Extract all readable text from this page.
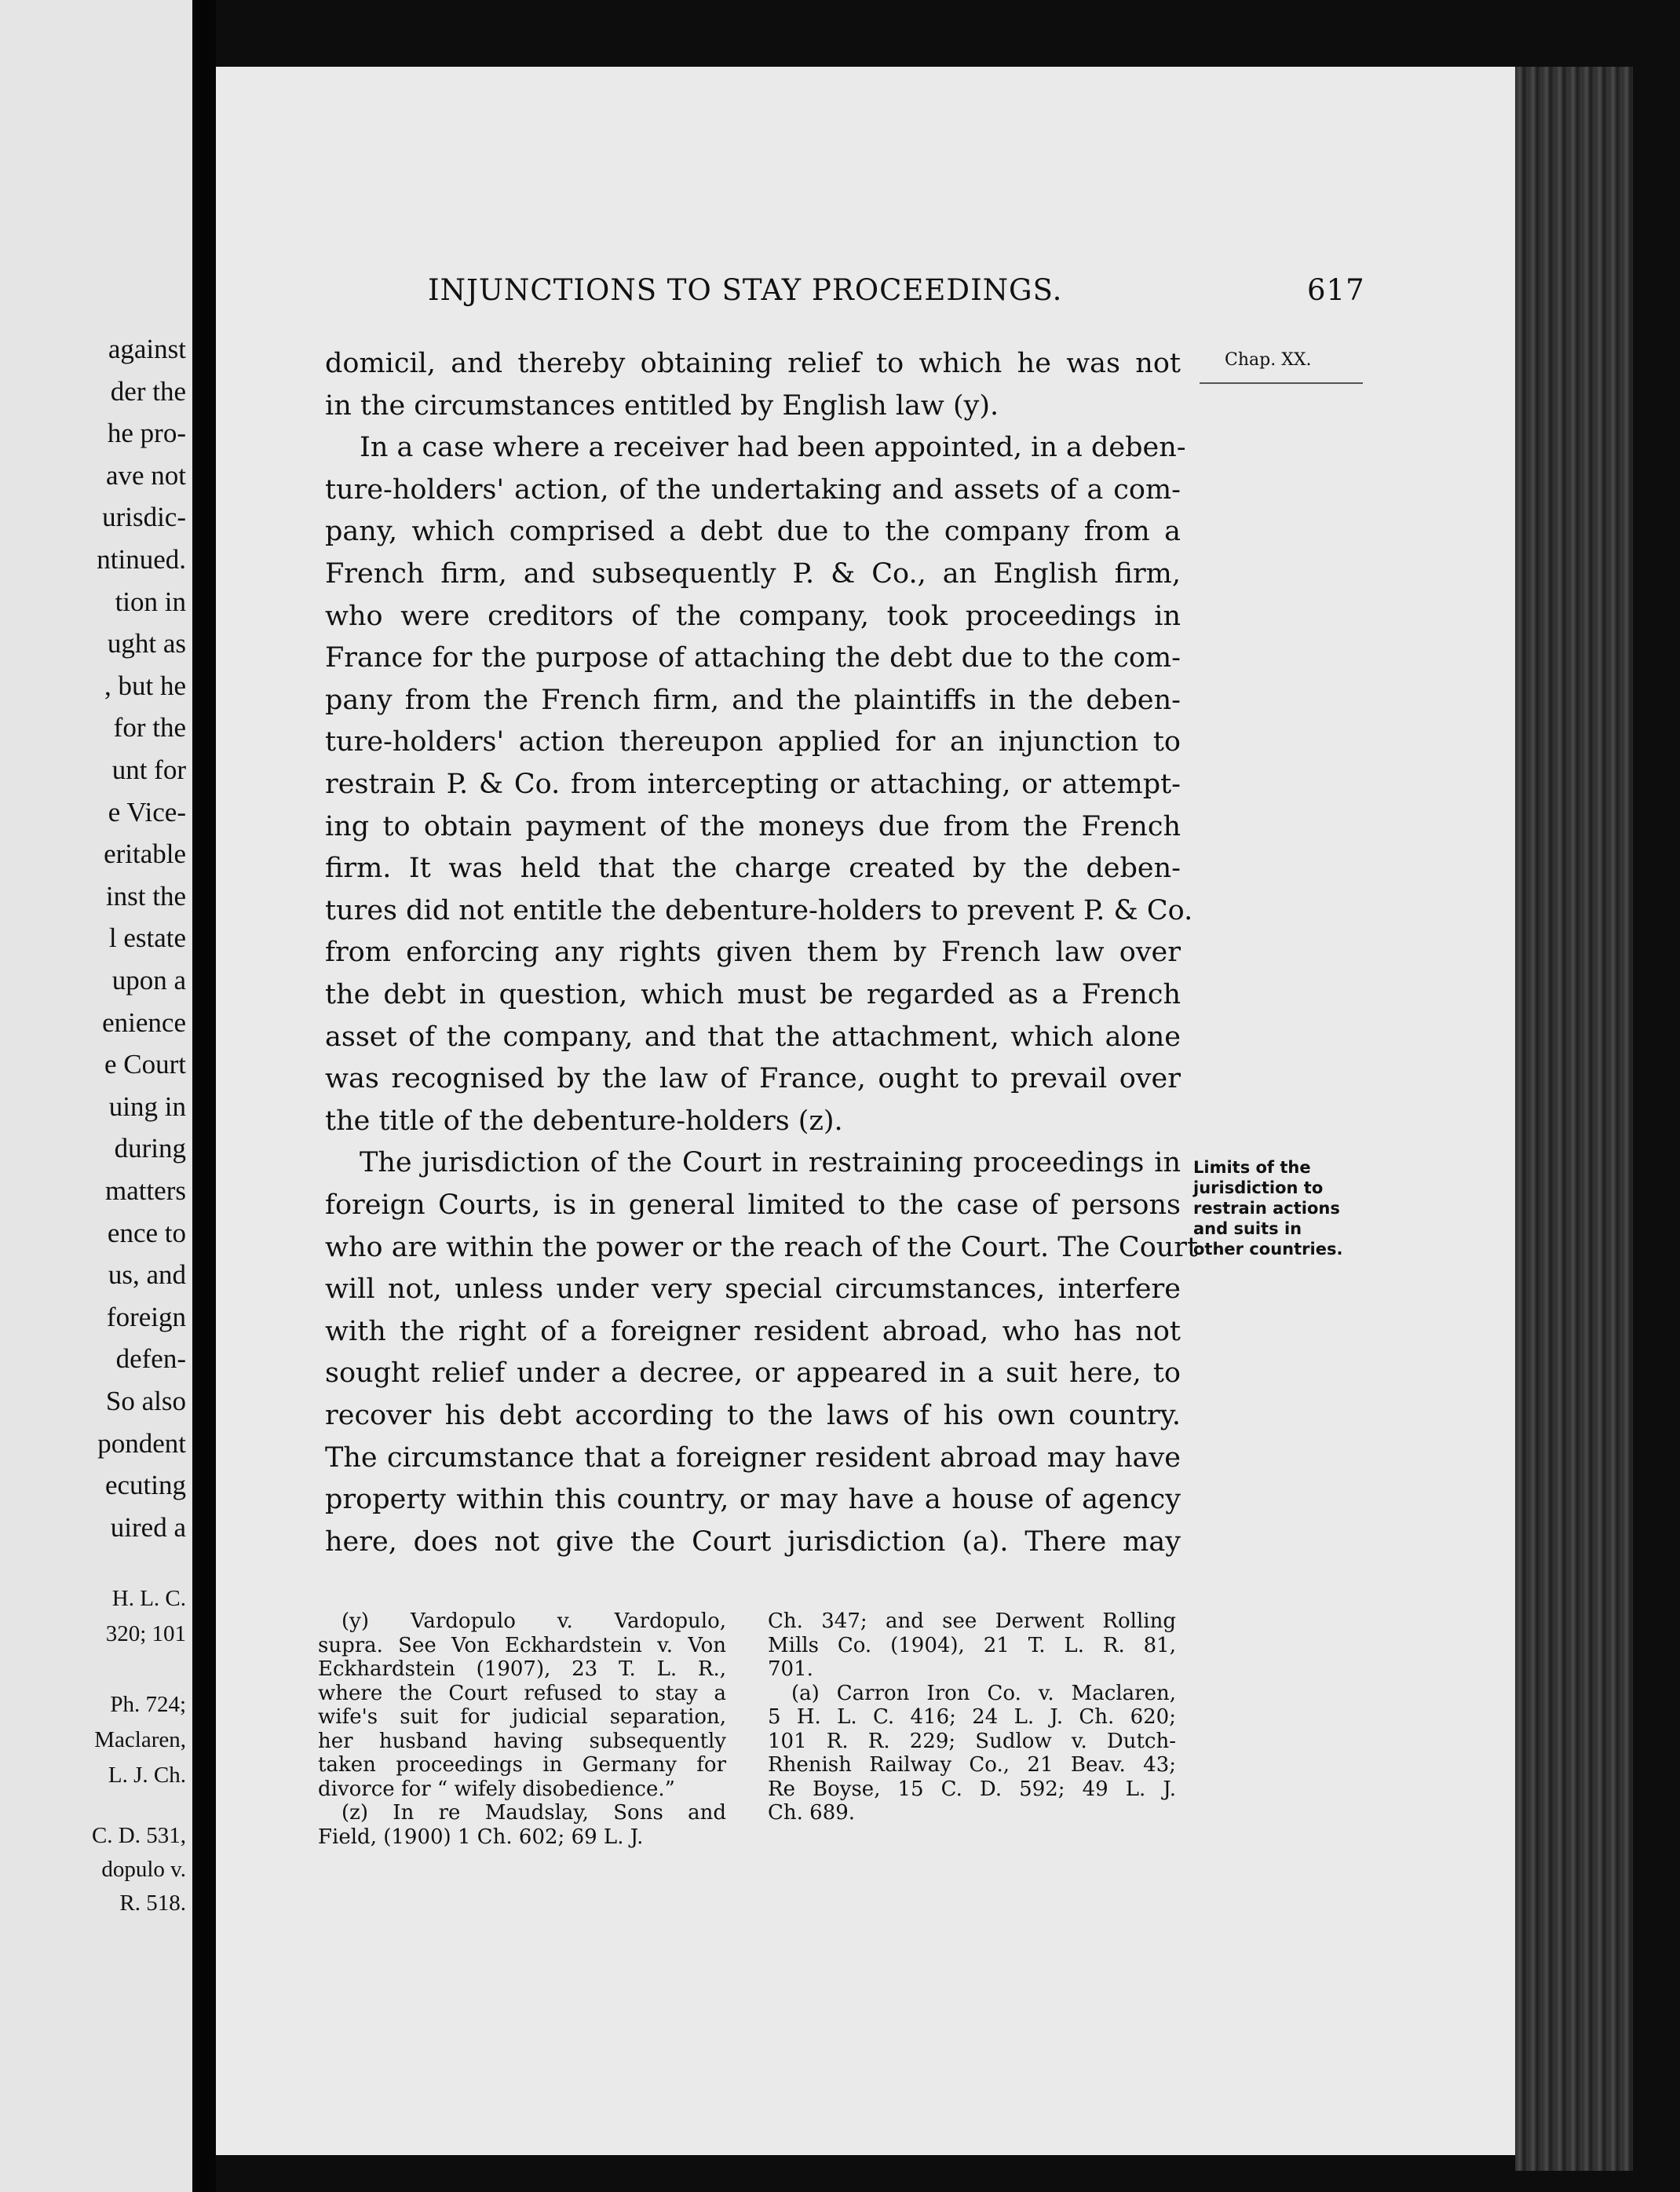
against
der the
he pro-
ave not
urisdic-
ntinued.
tion in
ught as
, but he
for the
unt for
e Vice-
eritable
inst the
l estate
upon a
enience
e Court
uing in
during
matters
ence to
us, and
foreign
defen-
So also
pondent
ecuting
uired a
H. L. C.
320; 101
Ph. 724;
Maclaren,
L. J. Ch.
C. D. 531,
dopulo v.
R. 518.
INJUNCTIONS TO STAY PROCEEDINGS.	617
Chap. XX.
Limits of the
jurisdiction to
restrain actions
and suits in
other countries.
domicil, and thereby obtaining relief to which he was not
in the circumstances entitled by English law (y).
In a case where a receiver had been appointed, in a deben-
ture-holders' action, of the undertaking and assets of a com-
pany, which comprised a debt due to the company from a
French firm, and subsequently P. & Co., an English firm,
who were creditors of the company, took proceedings in
France for the purpose of attaching the debt due to the com-
pany from the French firm, and the plaintiffs in the deben-
ture-holders' action thereupon applied for an injunction to
restrain P. & Co. from intercepting or attaching, or attempt-
ing to obtain payment of the moneys due from the French
firm. It was held that the charge created by the deben-
tures did not entitle the debenture-holders to prevent P. & Co.
from enforcing any rights given them by French law over
the debt in question, which must be regarded as a French
asset of the company, and that the attachment, which alone
was recognised by the law of France, ought to prevail over
the title of the debenture-holders (z).
The jurisdiction of the Court in restraining proceedings in
foreign Courts, is in general limited to the case of persons
who are within the power or the reach of the Court. The Court
will not, unless under very special circumstances, interfere
with the right of a foreigner resident abroad, who has not
sought relief under a decree, or appeared in a suit here, to
recover his debt according to the laws of his own country.
The circumstance that a foreigner resident abroad may have
property within this country, or may have a house of agency
here, does not give the Court jurisdiction (a). There may
(y) Vardopulo v. Vardopulo,
supra. See Von Eckhardstein v. Von
Eckhardstein (1907), 23 T. L. R.,
where the Court refused to stay a
wife's suit for judicial separation,
her husband having subsequently
taken proceedings in Germany for
divorce for “ wifely disobedience.”
(z) In re Maudslay, Sons and
Field, (1900) 1 Ch. 602; 69 L. J.
Ch. 347; and see Derwent Rolling
Mills Co. (1904), 21 T. L. R. 81,
701.
(a) Carron Iron Co. v. Maclaren,
5 H. L. C. 416; 24 L. J. Ch. 620;
101 R. R. 229; Sudlow v. Dutch-
Rhenish Railway Co., 21 Beav. 43;
Re Boyse, 15 C. D. 592; 49 L. J.
Ch. 689.
